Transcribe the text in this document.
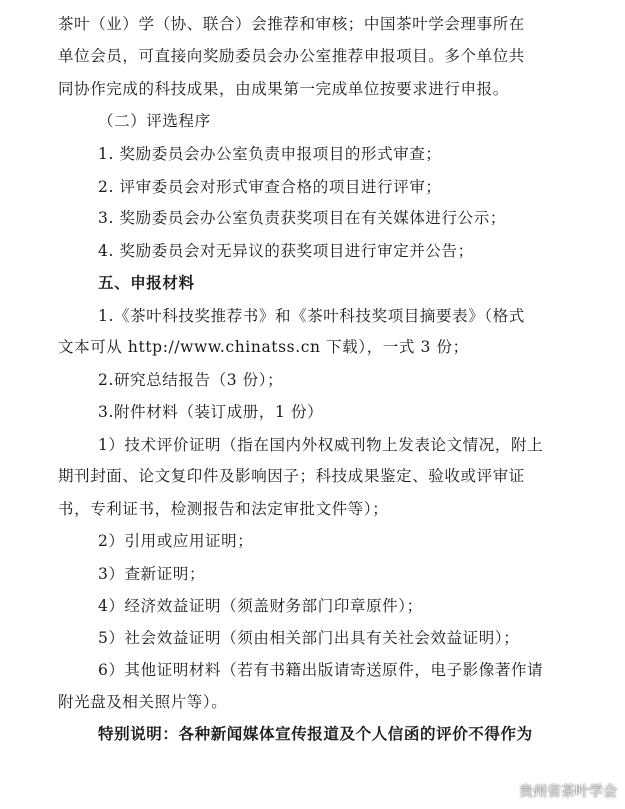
茶叶（业）学（协、联合）会推荐和审核；中国茶叶学会理事所在
单位会员，可直接向奖励委员会办公室推荐申报项目。多个单位共
同协作完成的科技成果，由成果第一完成单位按要求进行申报。
（二）评选程序
1. 奖励委员会办公室负责申报项目的形式审查；
2. 评审委员会对形式审查合格的项目进行评审；
3. 奖励委员会办公室负责获奖项目在有关媒体进行公示；
4. 奖励委员会对无异议的获奖项目进行审定并公告；
五、申报材料
1.《茶叶科技奖推荐书》和《茶叶科技奖项目摘要表》（格式
文本可从 http://www.chinatss.cn 下载），一式 3 份；
2.研究总结报告（3 份）；
3.附件材料（装订成册，1 份）
1）技术评价证明（指在国内外权威刊物上发表论文情况，附上
期刊封面、论文复印件及影响因子；科技成果鉴定、验收或评审证
书，专利证书，检测报告和法定审批文件等）；
2）引用或应用证明；
3）查新证明；
4）经济效益证明（须盖财务部门印章原件）；
5）社会效益证明（须由相关部门出具有关社会效益证明）；
6）其他证明材料（若有书籍出版请寄送原件，电子影像著作请
附光盘及相关照片等）。
特别说明：各种新闻媒体宣传报道及个人信函的评价不得作为
贵州省茶叶学会
